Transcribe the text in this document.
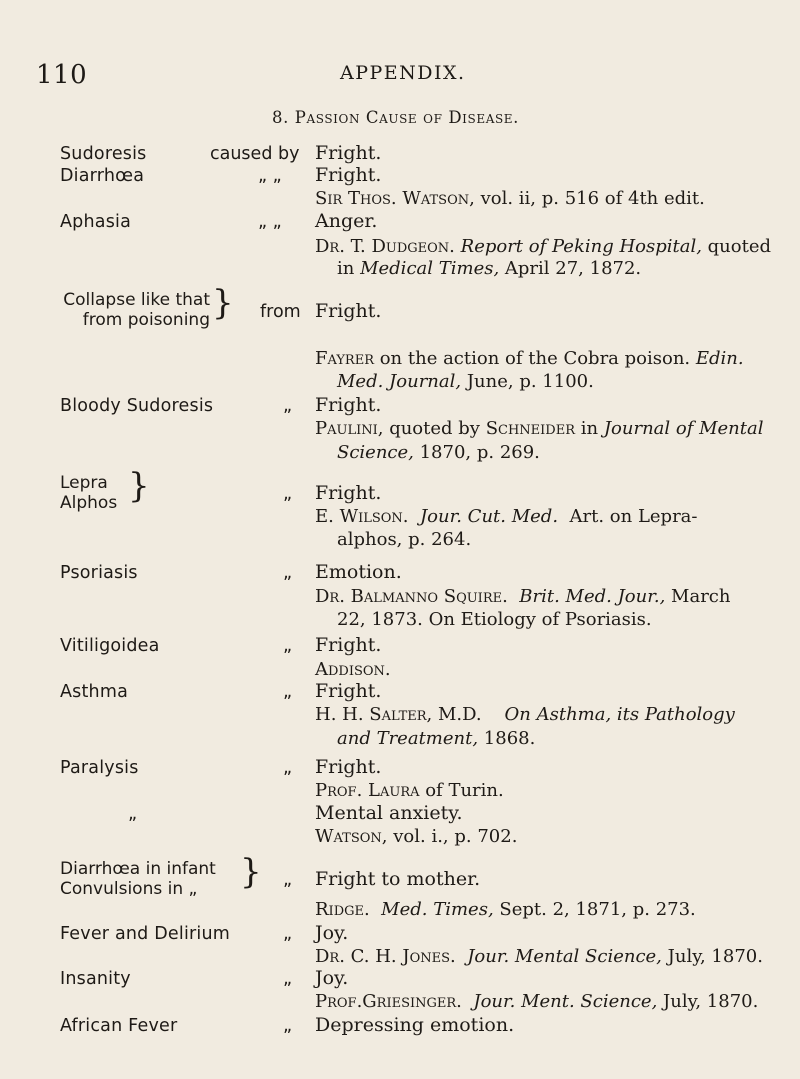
110	APPENDIX.
8. Passion Cause of Disease.
Sudoresis	caused by Fright.
Diarrhœa	„ „ Fright.
Sir Thos. Watson, vol. ii, p. 516 of 4th edit.
Aphasia	„ „ Anger.
Dr. T. Dudgeon. Report of Peking Hospital, quoted
in Medical Times, April 27, 1872.
Collapse like that
from poisoning } from Fright.
Fayrer on the action of the Cobra poison. Edin.
Med. Journal, June, p. 1100.
Bloody Sudoresis	„ Fright.
Paulini, quoted by Schneider in Journal of Mental
Science, 1870, p. 269.
Lepra
Alphos }	„ Fright.
E. Wilson. Jour. Cut. Med. Art. on Lepra-
alphos, p. 264.
Psoriasis	„ Emotion.
Dr. Balmanno Squire. Brit. Med. Jour., March
22, 1873. On Etiology of Psoriasis.
Vitiligoidea	„ Fright.
Addison.
Asthma	„ Fright.
H. H. Salter, M.D. On Asthma, its Pathology
and Treatment, 1868.
Paralysis	„ Fright.
Prof. Laura of Turin.
„	Mental anxiety.
Watson, vol. i., p. 702.
Diarrhœa in infant
Convulsions in „	} „ Fright to mother.
Ridge. Med. Times, Sept. 2, 1871, p. 273.
Fever and Delirium	„ Joy.
Dr. C. H. Jones. Jour. Mental Science, July, 1870.
Insanity	„ Joy.
Prof.Griesinger. Jour. Ment. Science, July, 1870.
African Fever	„ Depressing emotion.
